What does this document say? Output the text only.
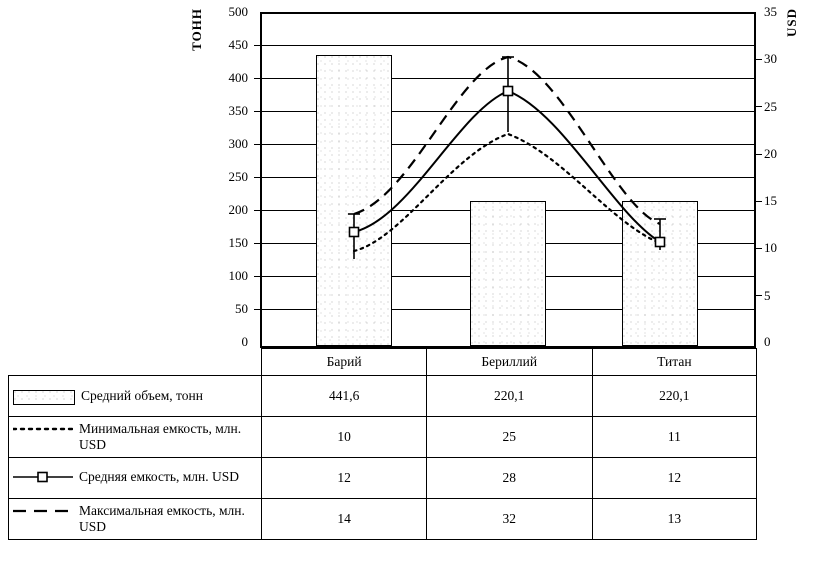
ТОНН	USD
500
450
400
350
300
250
200
150
100
50
0
35
30
25
20
15
10
5
0
	Барий	Бериллий	Титан

Средний объем, тонн	441,6	220,1	220,1

Минимальная емкость, млн. USD	10	25	11

Средняя емкость, млн. USD	12	28	12

Максимальная емкость, млн. USD	14	32	13
